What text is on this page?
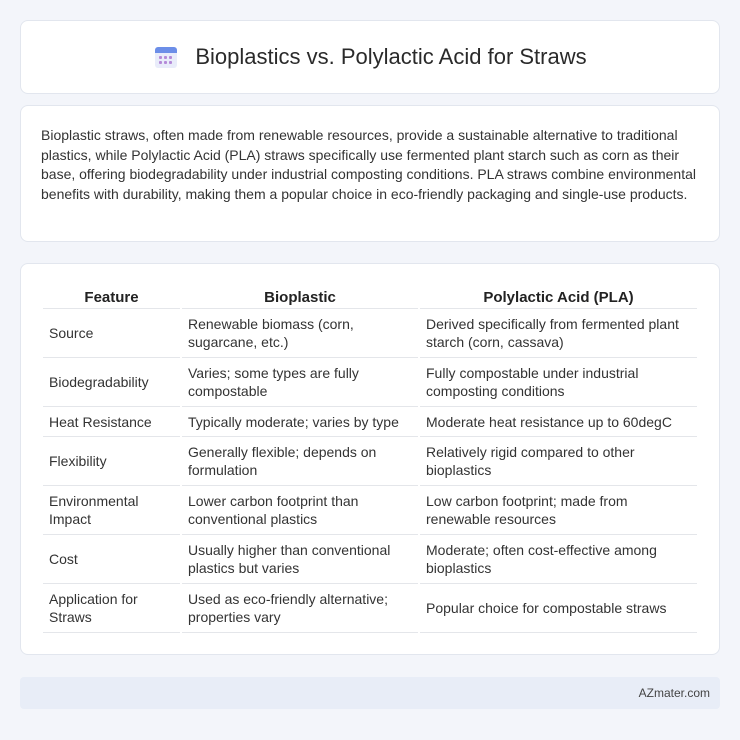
Bioplastics vs. Polylactic Acid for Straws

Bioplastic straws, often made from renewable resources, provide a sustainable alternative to traditional plastics, while Polylactic Acid (PLA) straws specifically use fermented plant starch such as corn as their base, offering biodegradability under industrial composting conditions. PLA straws combine environmental benefits with durability, making them a popular choice in eco-friendly packaging and single-use products.

Feature	Bioplastic	Polylactic Acid (PLA)
Source	Renewable biomass (corn, sugarcane, etc.)	Derived specifically from fermented plant starch (corn, cassava)
Biodegradability	Varies; some types are fully compostable	Fully compostable under industrial composting conditions
Heat Resistance	Typically moderate; varies by type	Moderate heat resistance up to 60degC
Flexibility	Generally flexible; depends on formulation	Relatively rigid compared to other bioplastics
Environmental Impact	Lower carbon footprint than conventional plastics	Low carbon footprint; made from renewable resources
Cost	Usually higher than conventional plastics but varies	Moderate; often cost-effective among bioplastics
Application for Straws	Used as eco-friendly alternative; properties vary	Popular choice for compostable straws
AZmater.com
